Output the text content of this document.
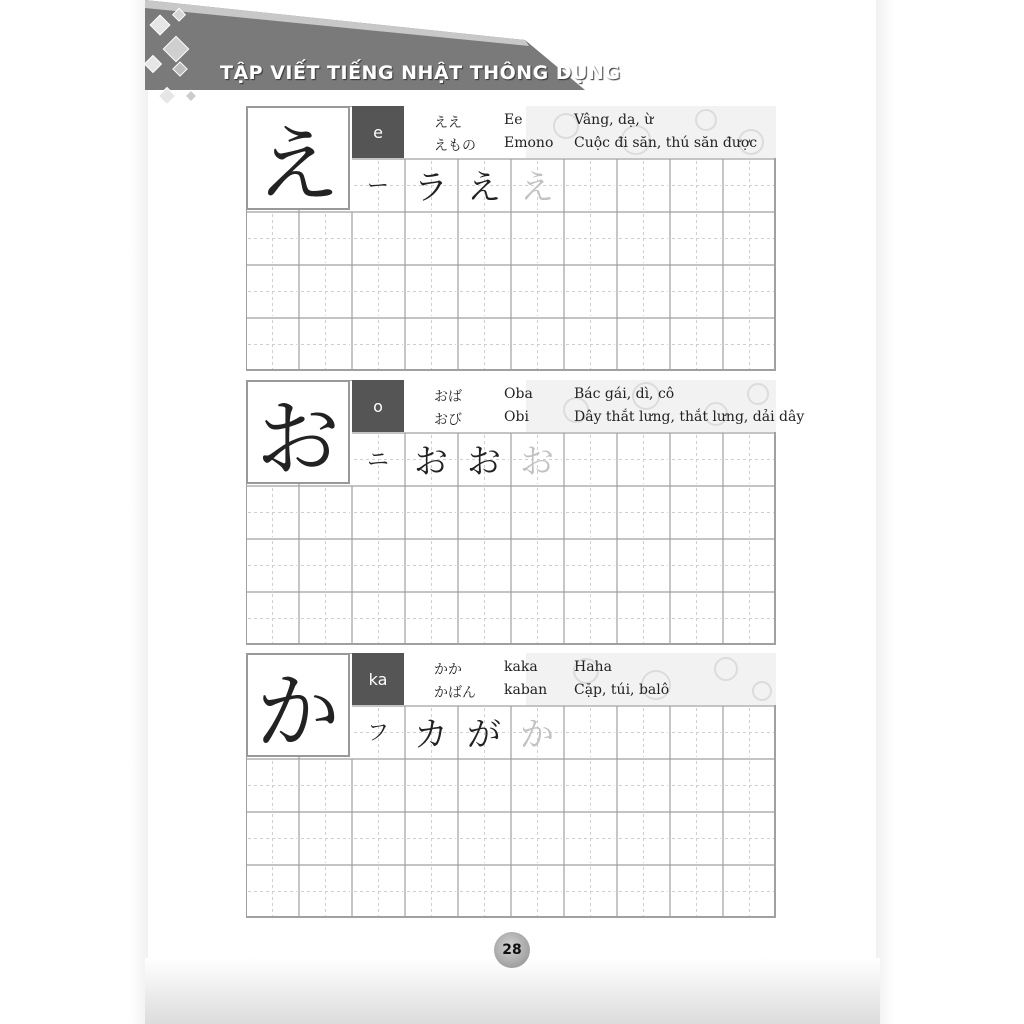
TẬP VIẾT TIẾNG NHẬT THÔNG DỤNG
え	e	ええ	Ee	Vâng, dạ, ừ
えもの Emono Cuộc đi săn, thú săn được
ー ラ え え
お	o	おば	Oba	Bác gái, dì, cô
おび	Obi	Dây thắt lưng, thắt lưng, dải dây
ニ お お お
か	ka	かか	kaka	Haha
かばん kaban Cặp, túi, balô
フ カ が か
28
